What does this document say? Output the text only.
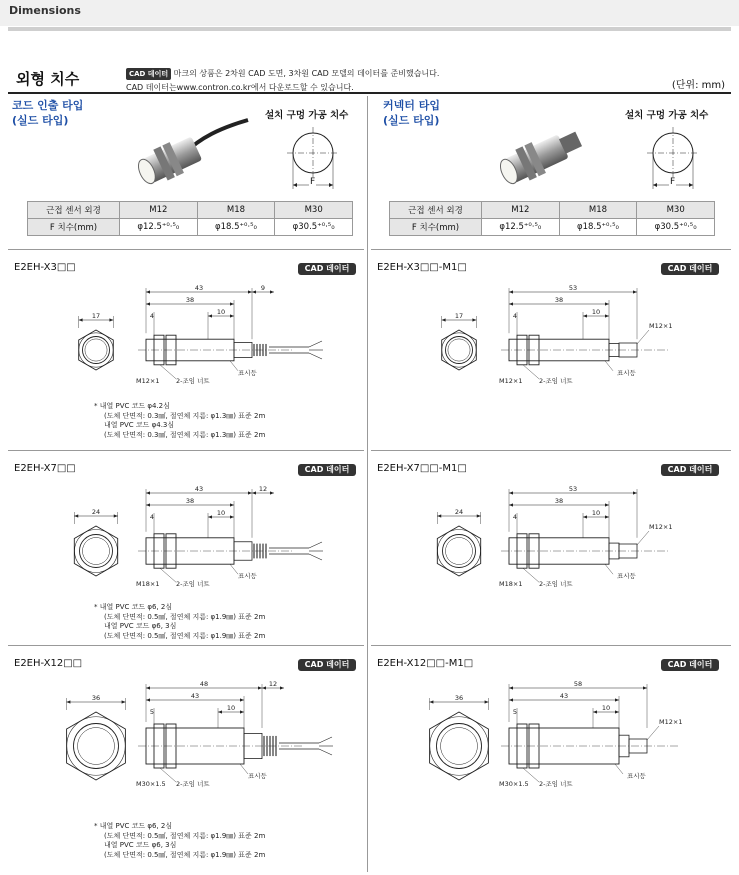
Dimensions
외형 치수	CAD 데이터 마크의 상품은 2차원 CAD 도면, 3차원 CAD 모델의 데이터를 준비했습니다.
CAD 데이터는www.contron.co.kr에서 다운로드할 수 있습니다.	(단위: mm)
코드 인출 타입
(실드 타입)	설치 구멍 가공 치수
커넥터 타입
(실드 타입)	설치 구멍 가공 치수
F	F
근접 센서 외경	M12	M18	M30
F 치수(mm)	φ12.5⁺⁰⋅⁵₀	φ18.5⁺⁰⋅⁵₀	φ30.5⁺⁰⋅⁵₀
근접 센서 외경	M12	M18	M30
F 치수(mm)	φ12.5⁺⁰⋅⁵₀	φ18.5⁺⁰⋅⁵₀	φ30.5⁺⁰⋅⁵₀
E2EH-X3□□	CAD 데이터
17
43
38
9
4	10
M12×1	2-조임 너트
표시등
* 내열 PVC 코드 φ4.2심
(도체 단면적: 0.3㎟, 절연체 지름: φ1.3㎜) 표준 2m
내열 PVC 코드 φ4.3심
(도체 단면적: 0.3㎟, 절연체 지름: φ1.3㎜) 표준 2m
E2EH-X3□□-M1□	CAD 데이터
17
M12×1
53
38
4	10
M12×1	2-조임 너트
표시등
E2EH-X7□□	CAD 데이터
24
43
38
12
4	10
M18×1	2-조임 너트
표시등
* 내열 PVC 코드 φ6, 2심
(도체 단면적: 0.5㎟, 절연체 지름: φ1.9㎜) 표준 2m
내열 PVC 코드 φ6, 3심
(도체 단면적: 0.5㎟, 절연체 지름: φ1.9㎜) 표준 2m
E2EH-X7□□-M1□	CAD 데이터
24
M12×1
53
38
4	10
M18×1	2-조임 너트
표시등
E2EH-X12□□	CAD 데이터
36
48
43
12
5	10
M30×1.5 2-조임 너트
표시등
* 내열 PVC 코드 φ6, 2심
(도체 단면적: 0.5㎟, 절연체 지름: φ1.9㎜) 표준 2m
내열 PVC 코드 φ6, 3심
(도체 단면적: 0.5㎟, 절연체 지름: φ1.9㎜) 표준 2m
E2EH-X12□□-M1□	CAD 데이터
36
M12×1
58
43
5	10
M30×1.5 2-조임 너트
표시등
